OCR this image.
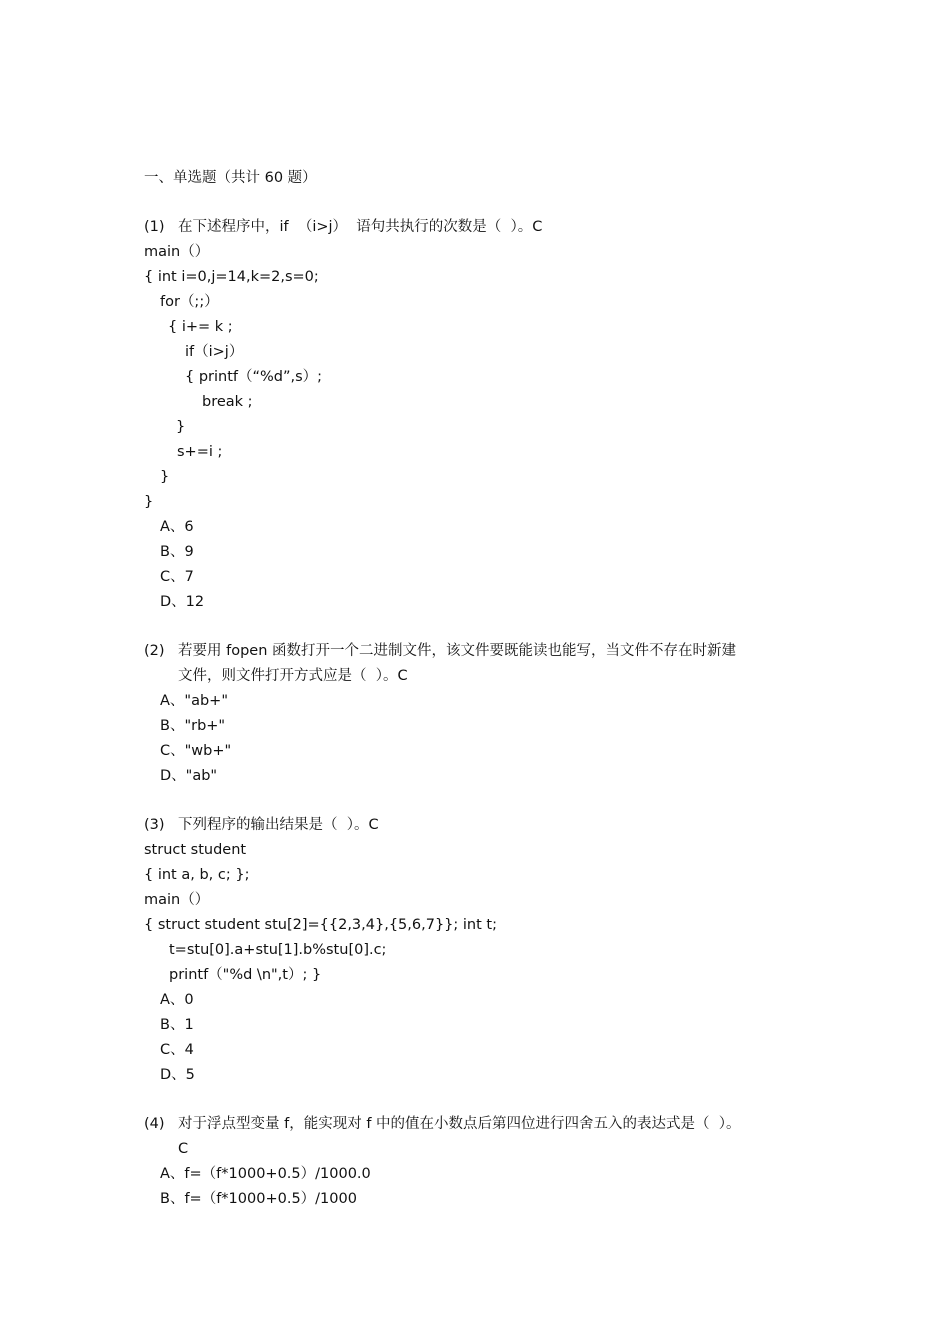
一、单选题（共计 60 题）
(1) 在下述程序中，if  （i>j）  语句共执行的次数是（  ）。C
main（）
{ int i=0,j=14,k=2,s=0;
for（;;）
{ i+= k ;
if（i>j）
{ printf（“%d”,s）;
break ;
}
s+=i ;
}
}
A、6
B、9
C、7
D、12
(2) 若要用 fopen 函数打开一个二进制文件，该文件要既能读也能写，当文件不存在时新建
文件，则文件打开方式应是（  ）。C
A、"ab+"
B、"rb+"
C、"wb+"
D、"ab"
(3) 下列程序的输出结果是（  ）。C
struct student
{ int a, b, c; };
main（）
{ struct student stu[2]={{2,3,4},{5,6,7}}; int t;
t=stu[0].a+stu[1].b%stu[0].c;
printf（"%d \n",t）; }
A、0
B、1
C、4
D、5
(4) 对于浮点型变量 f，能实现对 f 中的值在小数点后第四位进行四舍五入的表达式是（  ）。
C
A、f=（f*1000+0.5）/1000.0
B、f=（f*1000+0.5）/1000
